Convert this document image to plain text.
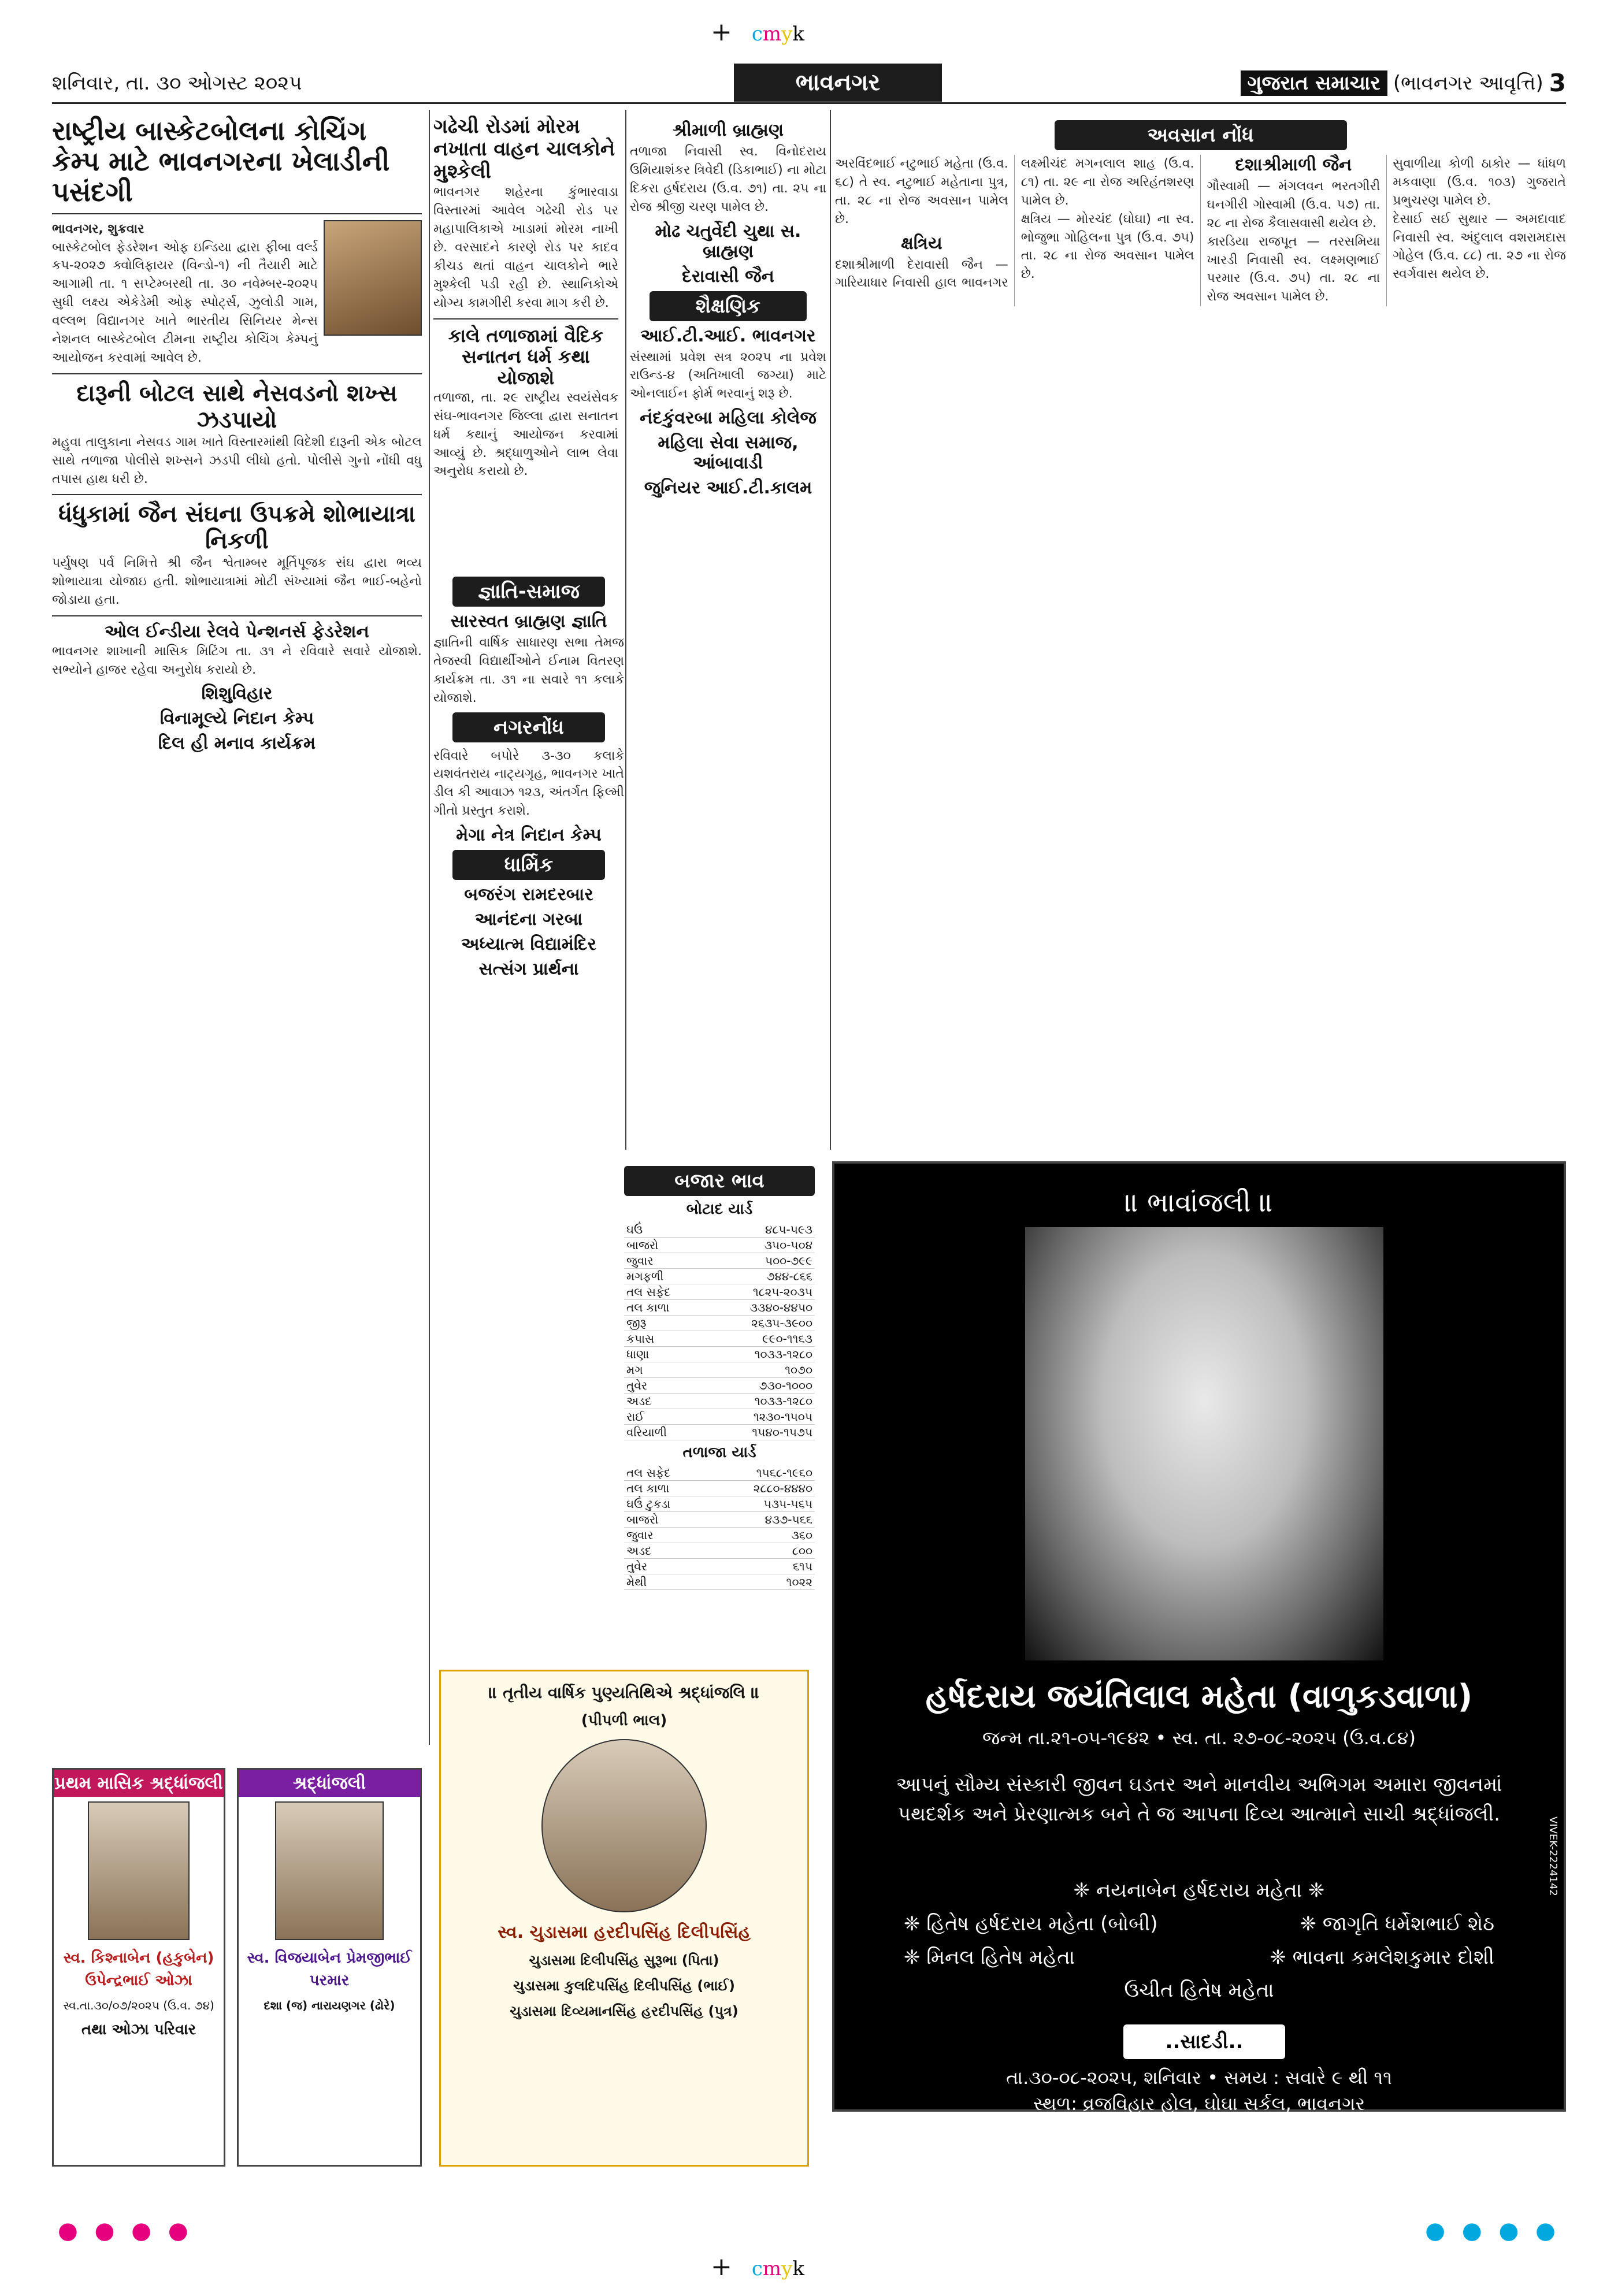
+ cmyk
શનિવાર, તા. ૩૦ ઓગસ્ટ ૨૦૨૫	ભાવનગર	ગુજરાત સમાચાર (ભાવનગર આવૃત્તિ) 3
રાષ્ટ્રીય બાસ્કેટબોલના કોચિંગ કેમ્પ માટે ભાવનગરના ખેલાડીની પસંદગી
ભાવનગર, શુક્રવાર
બાસ્કેટબોલ ફેડરેશન ઓફ ઇન્ડિયા દ્વારા ફીબા વર્લ્ડ કપ-૨૦૨૭ ક્વોલિફાયર (વિન્ડો-૧) ની તૈયારી માટે આગામી તા. ૧ સપ્ટેમ્બરથી તા. ૩૦ નવેમ્બર-૨૦૨૫ સુધી લક્ષ્ય એકેડેમી ઓફ સ્પોર્ટ્સ, ઝુલોડી ગામ, વલ્લભ વિદ્યાનગર ખાતે ભારતીય સિનિયર મેન્સ નેશનલ બાસ્કેટબોલ ટીમના રાષ્ટ્રીય કોચિંગ કેમ્પનું આયોજન કરવામાં આવેલ છે.
દારૂની બોટલ સાથે નેસવડનો શખ્સ ઝડપાયો
મહુવા તાલુકાના નેસવડ ગામ ખાતે વિસ્તારમાંથી વિદેશી દારૂની એક બોટલ સાથે તળાજા પોલીસે શખ્સને ઝડપી લીધો હતો. પોલીસે ગુનો નોંધી વધુ તપાસ હાથ ધરી છે.
ધંધુકામાં જૈન સંઘના ઉપક્રમે શોભાયાત્રા નિકળી
પર્યુષણ પર્વ નિમિત્તે શ્રી જૈન શ્વેતામ્બર મૂર્તિપૂજક સંઘ દ્વારા ભવ્ય શોભાયાત્રા યોજાઇ હતી. શોભાયાત્રામાં મોટી સંખ્યામાં જૈન ભાઈ-બહેનો જોડાયા હતા.
ઓલ ઈન્ડીયા રેલવે પેન્શનર્સ ફેડરેશન
ભાવનગર શાખાની માસિક મિટિંગ તા. ૩૧ ને રવિવારે સવારે યોજાશે. સભ્યોને હાજર રહેવા અનુરોધ કરાયો છે.
શિશુવિહાર
વિનામૂલ્યે નિદાન કેમ્પ
દિલ હી મનાવ કાર્યક્રમ
ગઢેચી રોડમાં મોરમ નખાતા વાહન ચાલકોને મુશ્કેલી
ભાવનગર શહેરના કુંભારવાડા વિસ્તારમાં આવેલ ગઢેચી રોડ પર મહાપાલિકાએ ખાડામાં મોરમ નાખી છે. વરસાદને કારણે રોડ પર કાદવ કીચડ થતાં વાહન ચાલકોને ભારે મુશ્કેલી પડી રહી છે. સ્થાનિકોએ યોગ્ય કામગીરી કરવા માગ કરી છે.
કાલે તળાજામાં વૈદિક સનાતન ધર્મ કથા યોજાશે
તળાજા, તા. ૨૯ રાષ્ટ્રીય સ્વયંસેવક સંઘ-ભાવનગર જિલ્લા દ્વારા સનાતન ધર્મ કથાનું આયોજન કરવામાં આવ્યું છે. શ્રદ્ધાળુઓને લાભ લેવા અનુરોધ કરાયો છે.
જ્ઞાતિ-સમાજ
સારસ્વત બ્રાહ્મણ જ્ઞાતિ
જ્ઞાતિની વાર્ષિક સાધારણ સભા તેમજ તેજસ્વી વિદ્યાર્થીઓને ઈનામ વિતરણ કાર્યક્રમ તા. ૩૧ ના સવારે ૧૧ કલાકે યોજાશે.
નગરનોંધ
રવિવારે બપોરે ૩-૩૦ કલાકે યશવંતરાય નાટ્યગૃહ, ભાવનગર ખાતે ડીલ કી આવાઝ ૧૨૩, અંતર્ગત ફિલ્મી ગીતો પ્રસ્તુત કરાશે.
મેગા નેત્ર નિદાન કેમ્પ
ધાર્મિક
બજરંગ રામદરબાર
આનંદના ગરબા
અધ્યાત્મ વિદ્યામંદિર
સત્સંગ પ્રાર્થના
શ્રીમાળી બ્રાહ્મણ
તળાજા નિવાસી સ્વ. વિનોદરાય ઉમિયાશંકર ત્રિવેદી (ડિકાભાઈ) ના મોટા દિકરા હર્ષદરાય (ઉ.વ. ૭૧) તા. ૨૫ ના રોજ શ્રીજી ચરણ પામેલ છે.
મોઢ ચતુર્વેદી ચુથા સ. બ્રાહ્મણ
દેરાવાસી જૈન
શૈક્ષણિક
આઈ.ટી.આઈ. ભાવનગર
સંસ્થામાં પ્રવેશ સત્ર ૨૦૨૫ ના પ્રવેશ રાઉન્ડ-૪ (અતિખાલી જગ્યા) માટે ઓનલાઈન ફોર્મ ભરવાનું શરૂ છે.
નંદકુંવરબા મહિલા કોલેજ
મહિલા સેવા સમાજ, આંબાવાડી
જુનિયર આઈ.ટી.કાલમ
અવસાન નોંધ
અરવિંદભાઈ નટુભાઈ મહેતા (ઉ.વ. ૬૮) તે સ્વ. નટુભાઈ મહેતાના પુત્ર, તા. ૨૮ ના રોજ અવસાન પામેલ છે.
ક્ષત્રિય
દશાશ્રીમાળી દેરાવાસી જૈન — ગારિયાધાર નિવાસી હાલ ભાવનગર લક્ષ્મીચંદ મગનલાલ શાહ (ઉ.વ. ૮૧) તા. ૨૯ ના રોજ અરિહંતશરણ પામેલ છે.
ક્ષત્રિય — મોરચંદ (ઘોઘા) ના સ્વ. ભોજુભા ગોહિલના પુત્ર (ઉ.વ. ૭૫) તા. ૨૮ ના રોજ અવસાન પામેલ છે.
દશાશ્રીમાળી જૈન
ગૌસ્વામી — મંગલવન ભરતગીરી ઘનગીરી ગોસ્વામી (ઉ.વ. ૫૭) તા. ૨૮ ના રોજ કૈલાસવાસી થયેલ છે.
કારડિયા રાજપૂત — તરસમિયા ખારડી નિવાસી સ્વ. લક્ષ્મણભાઈ પરમાર (ઉ.વ. ૭૫) તા. ૨૮ ના રોજ અવસાન પામેલ છે.
સુવાળીયા કોળી ઠાકોર — ધાંધળ મકવાણા (ઉ.વ. ૧૦૩) ગુજરાતે પ્રભુચરણ પામેલ છે.
દેસાઈ સઈ સુથાર — અમદાવાદ નિવાસી સ્વ. અંદુલાલ વશરામદાસ ગોહેલ (ઉ.વ. ૮૮) તા. ૨૭ ના રોજ સ્વર્ગવાસ થયેલ છે.
બજાર ભાવ
બોટાદ યાર્ડ
ઘઉં	૪૮૫-૫૯૩
બાજરો	૩૫૦-૫૦૪
જુવાર	૫૦૦-૭૯૯
મગફળી	૭૪૪-૮૬૬
તલ સફેદ	૧૮૨૫-૨૦૩૫
તલ કાળા	૩૩૪૦-૪૪૫૦
જીરૂ	૨૬૩૫-૩૯૦૦
કપાસ	૯૯૦-૧૧૬૩
ધાણા	૧૦૩૩-૧૨૮૦
મગ	૧૦૭૦
તુવેર	૭૩૦-૧૦૦૦
અડદ	૧૦૩૩-૧૨૮૦
રાઈ	૧૨૩૦-૧૫૦૫
વરિયાળી	૧૫૪૦-૧૫૭૫
તળાજા યાર્ડ
તલ સફેદ	૧૫૬૮-૧૯૬૦
તલ કાળા	૨૮૮૦-૪૪૪૦
ઘઉં ટુકડા	૫૩૫-૫૬૫
બાજરો	૪૩૭-૫૬૬
જુવાર	૩૬૦
અડદ	૮૦૦
તુવેર	૬૧૫
મેથી	૧૦૨૨
॥ ભાવાંજલી ॥
હર્ષદરાય જયંતિલાલ મહેતા (વાળુકડવાળા)
જન્મ તા.૨૧-૦૫-૧૯૪૨ • સ્વ. તા. ૨૭-૦૮-૨૦૨૫ (ઉ.વ.૮૪)
આપનું સૌમ્ય સંસ્કારી જીવન ઘડતર અને માનવીય અભિગમ અમારા જીવનમાં પથદર્શક અને પ્રેરણાત્મક બને તે જ આપના દિવ્ય આત્માને સાચી શ્રદ્ધાંજલી.
❈ નયનાબેન હર્ષદરાય મહેતા ❈
❈ હિતેષ હર્ષદરાય મહેતા (બોબી)	❈ જાગૃતિ ધર્મેશભાઈ શેઠ
❈ મિનલ હિતેષ મહેતા	❈ ભાવના કમલેશકુમાર દોશી
ઉચીત હિતેષ મહેતા
..સાદડી..
તા.૩૦-૦૮-૨૦૨૫, શનિવાર • સમય : સવારે ૯ થી ૧૧
સ્થળ: વ્રજવિહાર હોલ, ઘોઘા સર્કલ, ભાવનગર
VIVEK-2224142
પ્રથમ માસિક શ્રદ્ધાંજલી
સ્વ. કિશ્નાબેન (હકુબેન) ઉપેન્દ્રભાઈ ઓઝા
સ્વ.તા.૩૦/૦૭/૨૦૨૫ (ઉ.વ. ૭૪)
તથા ઓઝા પરિવાર
શ્રદ્ધાંજલી
સ્વ. વિજયાબેન પ્રેમજીભાઈ પરમાર
દશા (જ) નારાયણગર (ઢોરે)
॥ તૃતીય વાર્ષિક પુણ્યતિથિએ શ્રદ્ધાંજલિ ॥
(પીપળી ભાલ)
સ્વ. ચુડાસમા હરદીપસિંહ દિલીપસિંહ
ચુડાસમા દિલીપસિંહ સુરૂભા (પિતા)
ચુડાસમા કુલદિપસિંહ દિલીપસિંહ (ભાઈ)
ચુડાસમા દિવ્યમાનસિંહ હરદીપસિંહ (પુત્ર)
● ● ● ●	● ● ● ●
+ cmyk
